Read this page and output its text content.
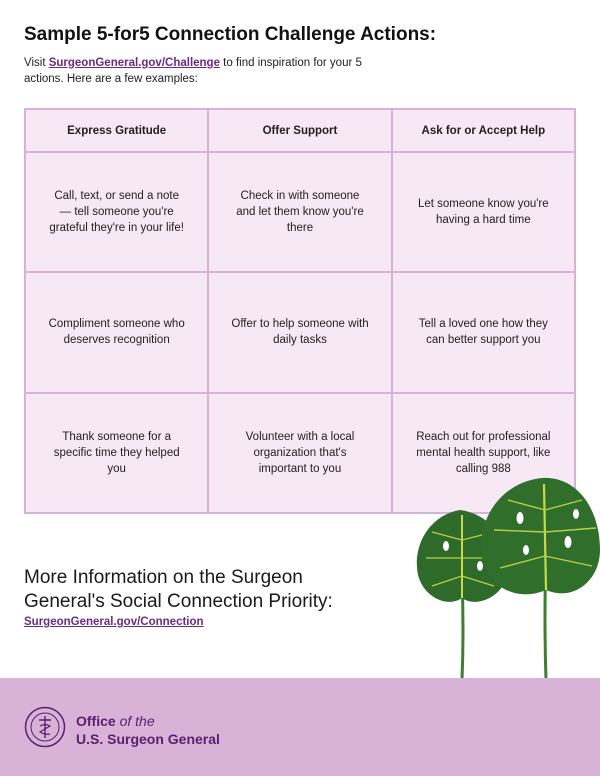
Sample 5-for5 Connection Challenge Actions:
Visit SurgeonGeneral.gov/Challenge to find inspiration for your 5 actions. Here are a few examples:
Express Gratitude	Offer Support	Ask for or Accept Help
Call, text, or send a note — tell someone you're grateful they're in your life!
Check in with someone and let them know you're there
Let someone know you're having a hard time
Compliment someone who deserves recognition
Offer to help someone with daily tasks
Tell a loved one how they can better support you
Thank someone for a specific time they helped you
Volunteer with a local organization that's important to you
Reach out for professional mental health support, like calling 988
More Information on the Surgeon General's Social Connection Priority:
SurgeonGeneral.gov/Connection
Office of the
U.S. Surgeon General
